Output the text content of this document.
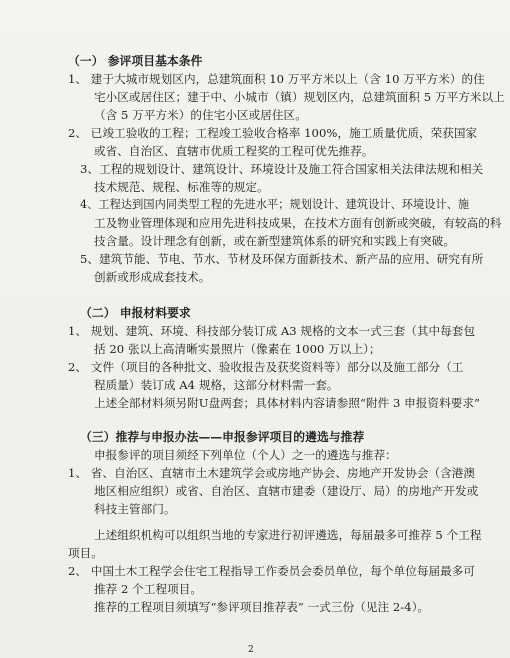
（一） 参评项目基本条件
1、 建于大城市规划区内，总建筑面积 10 万平方米以上（含 10 万平方米）的住
宅小区或居住区；建于中、小城市（镇）规划区内，总建筑面积 5 万平方米以上
（含 5 万平方米）的住宅小区或居住区。
2、 已竣工验收的工程；工程竣工验收合格率 100%，施工质量优质，荣获国家
或省、自治区、直辖市优质工程奖的工程可优先推荐。
3、工程的规划设计、建筑设计、环境设计及施工符合国家相关法律法规和相关
技术规范、规程、标准等的规定。
4、工程达到国内同类型工程的先进水平；规划设计、建筑设计、环境设计、施
工及物业管理体现和应用先进科技成果，在技术方面有创新或突破，有较高的科
技含量。设计理念有创新，或在新型建筑体系的研究和实践上有突破。
5、建筑节能、节电、节水、节材及环保方面新技术、新产品的应用、研究有所
创新或形成成套技术。
（二） 申报材料要求
1、 规划、建筑、环境、科技部分装订成 A3 规格的文本一式三套（其中每套包
括 20 张以上高清晰实景照片（像素在 1000 万以上）；
2、 文件（项目的各种批文、验收报告及获奖资料等）部分以及施工部分（工
程质量）装订成 A4 规格，这部分材料需一套。
上述全部材料须另附U盘两套；具体材料内容请参照“附件 3 申报资料要求”
（三）推荐与申报办法——申报参评项目的遴选与推荐
申报参评的项目须经下列单位（个人）之一的遴选与推荐：
1、 省、自治区、直辖市土木建筑学会或房地产协会、房地产开发协会（含港澳
地区相应组织）或省、自治区、直辖市建委（建设厅、局）的房地产开发或
科技主管部门。
上述组织机构可以组织当地的专家进行初评遴选，每届最多可推荐 5 个工程
项目。
2、 中国土木工程学会住宅工程指导工作委员会委员单位，每个单位每届最多可
推荐 2 个工程项目。
推荐的工程项目须填写“参评项目推荐表” 一式三份（见注 2-4）。
2
